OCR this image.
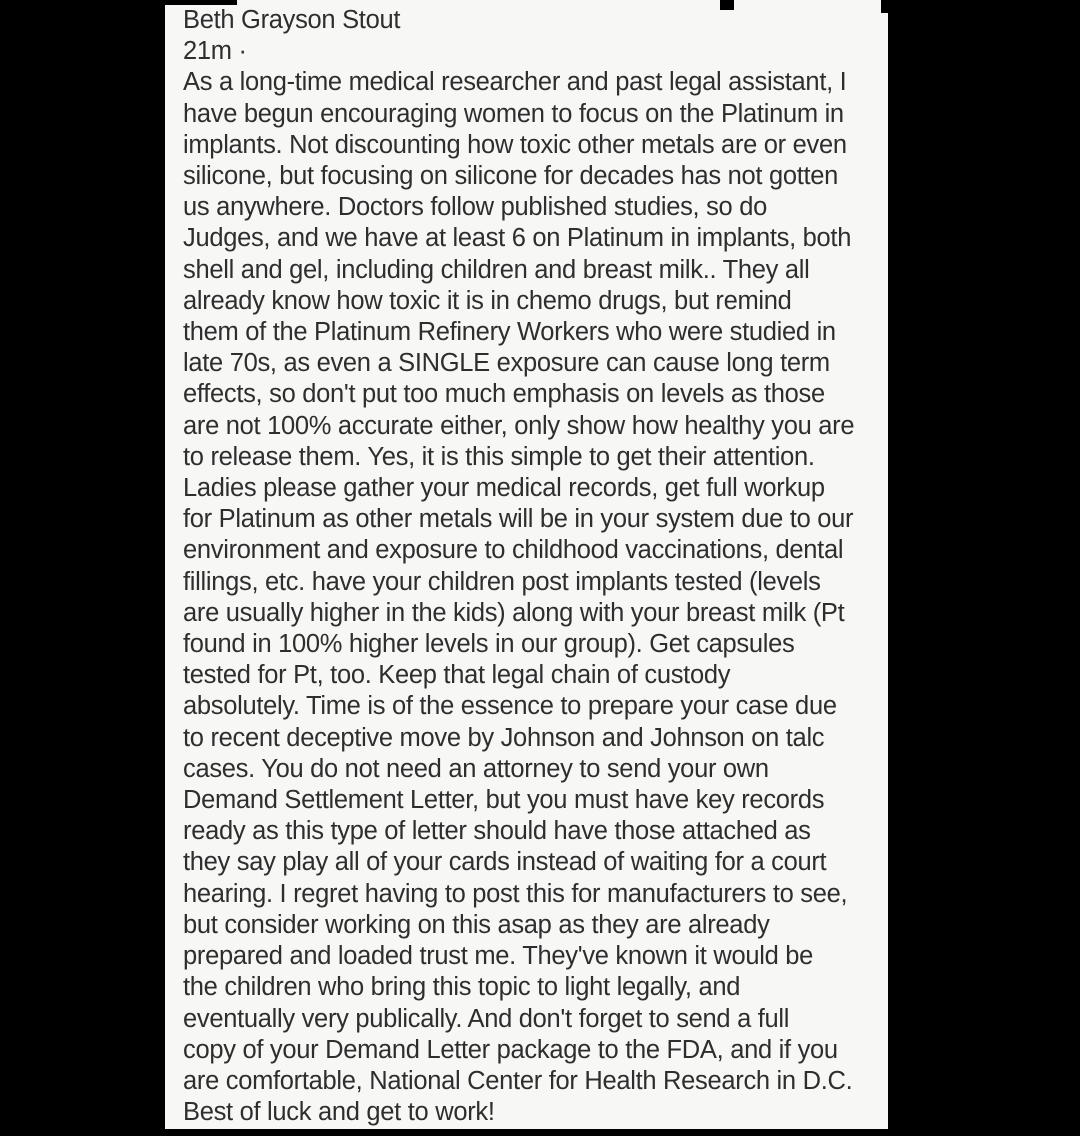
Beth Grayson Stout
21m ·
As a long-time medical researcher and past legal assistant, I
have begun encouraging women to focus on the Platinum in
implants. Not discounting how toxic other metals are or even
silicone, but focusing on silicone for decades has not gotten
us anywhere. Doctors follow published studies, so do
Judges, and we have at least 6 on Platinum in implants, both
shell and gel, including children and breast milk.. They all
already know how toxic it is in chemo drugs, but remind
them of the Platinum Refinery Workers who were studied in
late 70s, as even a SINGLE exposure can cause long term
effects, so don't put too much emphasis on levels as those
are not 100% accurate either, only show how healthy you are
to release them. Yes, it is this simple to get their attention.
Ladies please gather your medical records, get full workup
for Platinum as other metals will be in your system due to our
environment and exposure to childhood vaccinations, dental
fillings, etc. have your children post implants tested (levels
are usually higher in the kids) along with your breast milk (Pt
found in 100% higher levels in our group). Get capsules
tested for Pt, too. Keep that legal chain of custody
absolutely. Time is of the essence to prepare your case due
to recent deceptive move by Johnson and Johnson on talc
cases. You do not need an attorney to send your own
Demand Settlement Letter, but you must have key records
ready as this type of letter should have those attached as
they say play all of your cards instead of waiting for a court
hearing. I regret having to post this for manufacturers to see,
but consider working on this asap as they are already
prepared and loaded trust me. They've known it would be
the children who bring this topic to light legally, and
eventually very publically. And don't forget to send a full
copy of your Demand Letter package to the FDA, and if you
are comfortable, National Center for Health Research in D.C.
Best of luck and get to work!
